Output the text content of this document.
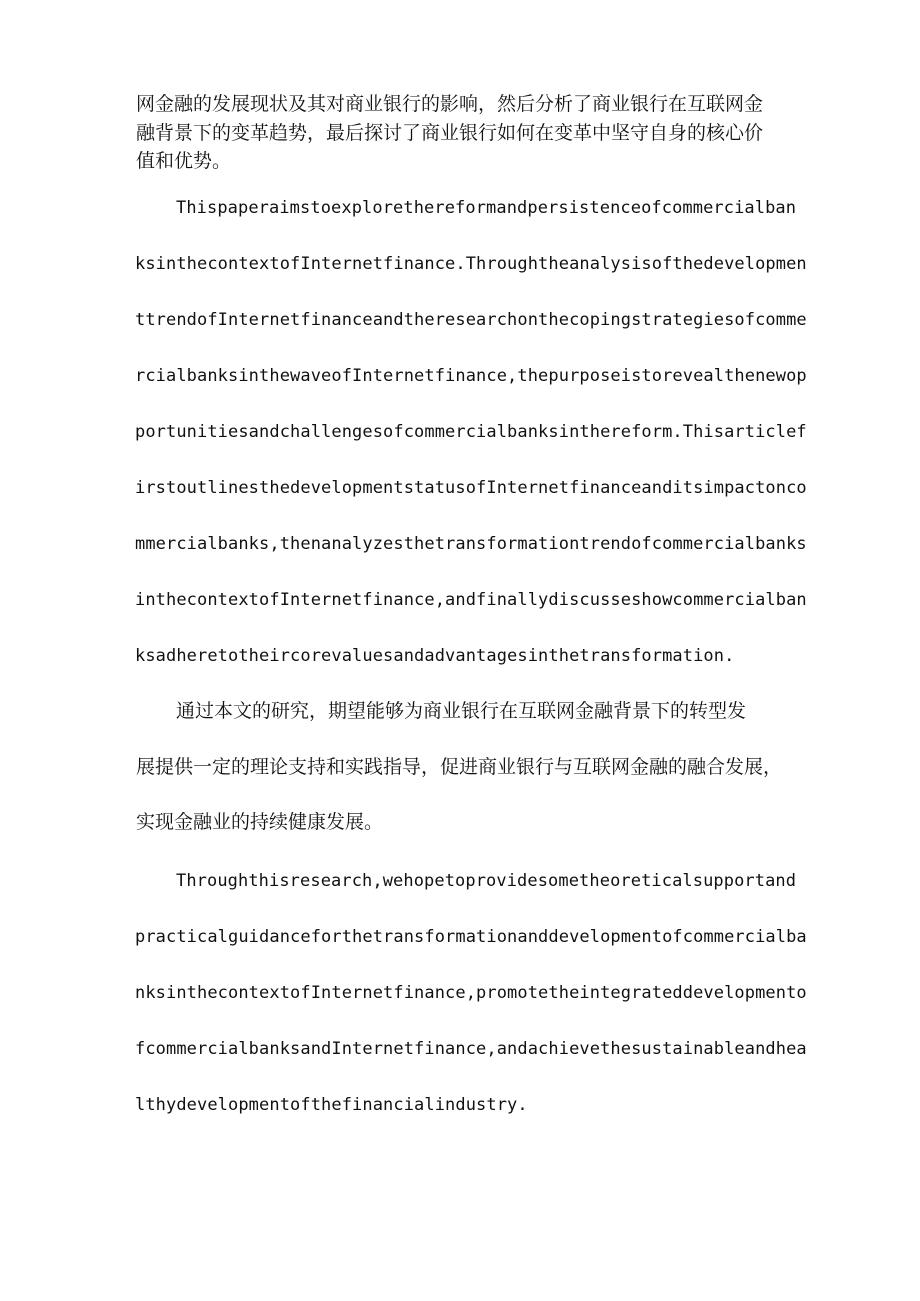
网金融的发展现状及其对商业银行的影响，然后分析了商业银行在互联网金

融背景下的变革趋势，最后探讨了商业银行如何在变革中坚守自身的核心价

值和优势。

Thispaperaimstoexplorethereformandpersistenceofcommercialban

ksinthecontextofInternetfinance.Throughtheanalysisofthedevelopmen

ttrendofInternetfinanceandtheresearchonthecopingstrategiesofcomme

rcialbanksinthewaveofInternetfinance,thepurposeistorevealthenewop

portunitiesandchallengesofcommercialbanksinthereform.Thisarticlef

irstoutlinesthedevelopmentstatusofInternetfinanceanditsimpactonco

mmercialbanks,thenanalyzesthetransformationtrendofcommercialbanks

inthecontextofInternetfinance,andfinallydiscusseshowcommercialban

ksadheretotheircorevaluesandadvantagesinthetransformation.

通过本文的研究，期望能够为商业银行在互联网金融背景下的转型发

展提供一定的理论支持和实践指导，促进商业银行与互联网金融的融合发展，

实现金融业的持续健康发展。

Throughthisresearch,wehopetoprovidesometheoreticalsupportand

practicalguidanceforthetransformationanddevelopmentofcommercialba

nksinthecontextofInternetfinance,promotetheintegrateddevelopmento

fcommercialbanksandInternetfinance,andachievethesustainableandhea

lthydevelopmentofthefinancialindustry.
